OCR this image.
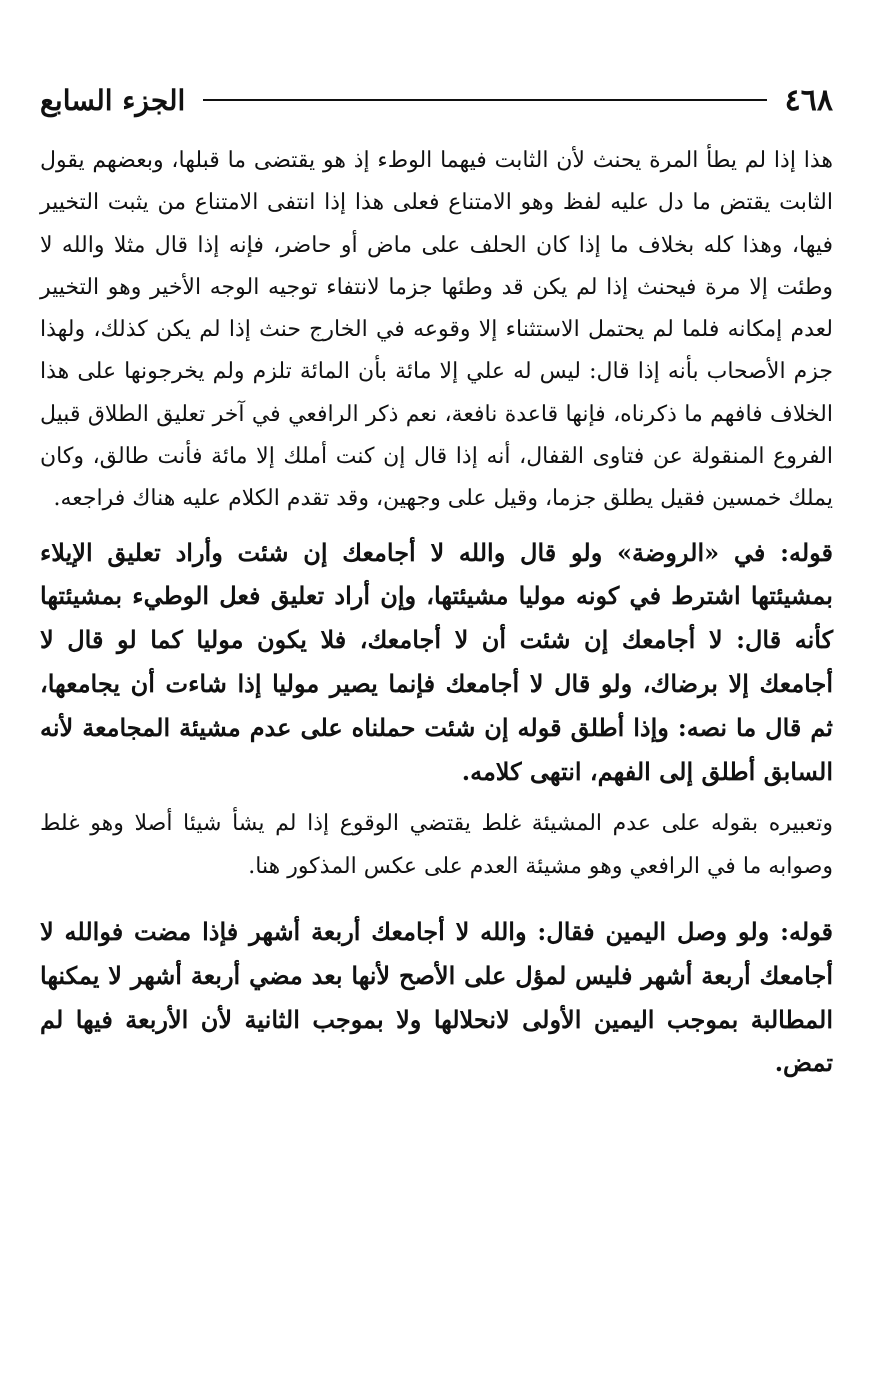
٤٦٨
الجزء السابع

هذا إذا لم يطأ المرة يحنث لأن الثابت فيهما الوطء إذ هو يقتضى ما قبلها، وبعضهم يقول الثابت يقتض ما دل عليه لفظ وهو الامتناع فعلى هذا إذا انتفى الامتناع من يثبت التخيير فيها، وهذا كله بخلاف ما إذا كان الحلف على ماض أو حاضر، فإنه إذا قال مثلا والله لا وطئت إلا مرة فيحنث إذا لم يكن قد وطئها جزما لانتفاء توجيه الوجه الأخير وهو التخيير لعدم إمكانه فلما لم يحتمل الاستثناء إلا وقوعه في الخارج حنث إذا لم يكن كذلك، ولهذا جزم الأصحاب بأنه إذا قال: ليس له علي إلا مائة بأن المائة تلزم ولم يخرجونها على هذا الخلاف فافهم ما ذكرناه، فإنها قاعدة نافعة، نعم ذكر الرافعي في آخر تعليق الطلاق قبيل الفروع المنقولة عن فتاوى القفال، أنه إذا قال إن كنت أملك إلا مائة فأنت طالق، وكان يملك خمسين فقيل يطلق جزما، وقيل على وجهين، وقد تقدم الكلام عليه هناك فراجعه.

قوله: في «الروضة» ولو قال والله لا أجامعك إن شئت وأراد تعليق الإيلاء بمشيئتها اشترط في كونه موليا مشيئتها، وإن أراد تعليق فعل الوطيء بمشيئتها كأنه قال: لا أجامعك إن شئت أن لا أجامعك، فلا يكون موليا كما لو قال لا أجامعك إلا برضاك، ولو قال لا أجامعك فإنما يصير موليا إذا شاءت أن يجامعها، ثم قال ما نصه: وإذا أطلق قوله إن شئت حملناه على عدم مشيئة المجامعة لأنه السابق أطلق إلى الفهم، انتهى كلامه.

وتعبيره بقوله على عدم المشيئة غلط يقتضي الوقوع إذا لم يشأ شيئا أصلا وهو غلط وصوابه ما في الرافعي وهو مشيئة العدم على عكس المذكور هنا.

قوله: ولو وصل اليمين فقال: والله لا أجامعك أربعة أشهر فإذا مضت فوالله لا أجامعك أربعة أشهر فليس لمؤل على الأصح لأنها بعد مضي أربعة أشهر لا يمكنها المطالبة بموجب اليمين الأولى لانحلالها ولا بموجب الثانية لأن الأربعة فيها لم تمض.
